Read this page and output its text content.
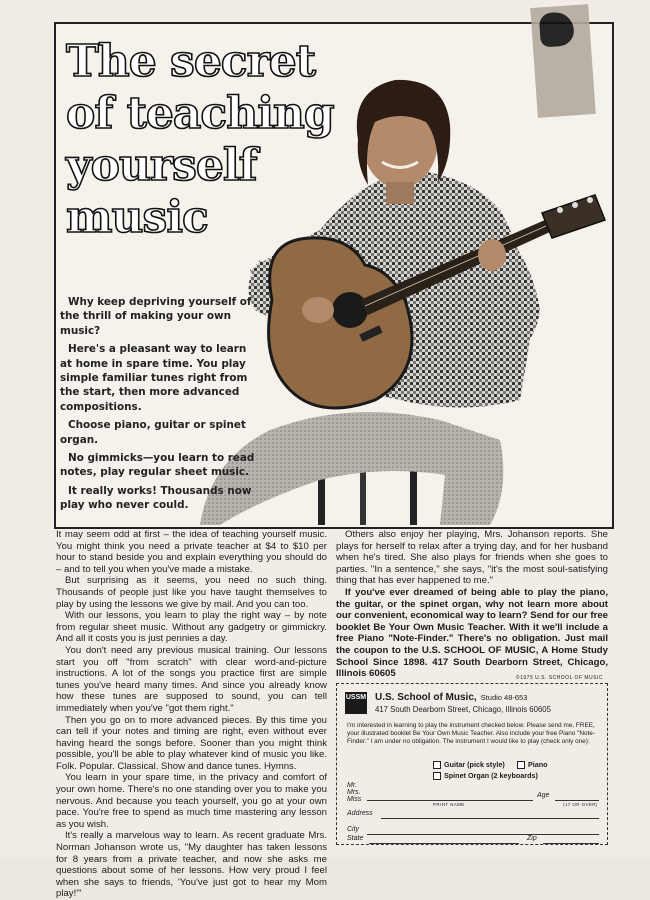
The secret of teaching yourself music

Why keep depriving yourself of the thrill of making your own music?

Here's a pleasant way to learn at home in spare time. You play simple familiar tunes right from the start, then more advanced compositions.

Choose piano, guitar or spinet organ.

No gimmicks—you learn to read notes, play regular sheet music.

It really works! Thousands now play who never could.

It may seem odd at first – the idea of teaching yourself music. You might think you need a private teacher at $4 to $10 per hour to stand beside you and explain everything you should do – and to tell you when you've made a mistake.

But surprising as it seems, you need no such thing. Thousands of people just like you have taught themselves to play by using the lessons we give by mail. And you can too.

With our lessons, you learn to play the right way – by note from regular sheet music. Without any gadgetry or gimmickry. And all it costs you is just pennies a day.

You don't need any previous musical training. Our lessons start you off "from scratch" with clear word-and-picture instructions. A lot of the songs you practice first are simple tunes you've heard many times. And since you already know how these tunes are supposed to sound, you can tell immediately when you've "got them right."

Then you go on to more advanced pieces. By this time you can tell if your notes and timing are right, even without ever having heard the songs before. Sooner than you might think possible, you'll be able to play whatever kind of music you like. Folk. Popular. Classical. Show and dance tunes. Hymns.

You learn in your spare time, in the privacy and comfort of your own home. There's no one standing over you to make you nervous. And because you teach yourself, you go at your own pace. You're free to spend as much time mastering any lesson as you wish.

It's really a marvelous way to learn. As recent graduate Mrs. Norman Johanson wrote us, "My daughter has taken lessons for 8 years from a private teacher, and now she asks me questions about some of her lessons. How very proud I feel when she says to friends, 'You've just got to hear my Mom play!'"

Others also enjoy her playing, Mrs. Johanson reports. She plays for herself to relax after a trying day, and for her husband when he's tired. She also plays for friends when she goes to parties. "In a sentence," she says, "it's the most soul-satisfying thing that has ever happened to me."

If you've ever dreamed of being able to play the piano, the guitar, or the spinet organ, why not learn more about our convenient, economical way to learn? Send for our free booklet Be Your Own Music Teacher. With it we'll include a free Piano "Note-Finder." There's no obligation. Just mail the coupon to the U.S. SCHOOL OF MUSIC, A Home Study School Since 1898. 417 South Dearborn Street, Chicago, Illinois 60605	©1975 U.S. SCHOOL OF MUSIC
USSM U.S. School of Music, Studio 48-653
417 South Dearborn Street, Chicago, Illinois 60605
I'm interested in learning to play the instrument checked below. Please send me, FREE, your illustrated booklet Be Your Own Music Teacher. Also include your free Piano "Note-Finder." I am under no obligation. The instrument I would like to play (check only one):
Guitar (pick style)	Piano
Spinet Organ (2 keyboards)
Mr.
Mrs.
Miss
PRINT NAME
Age
(17 OR OVER)
Address
City
State	Zip
